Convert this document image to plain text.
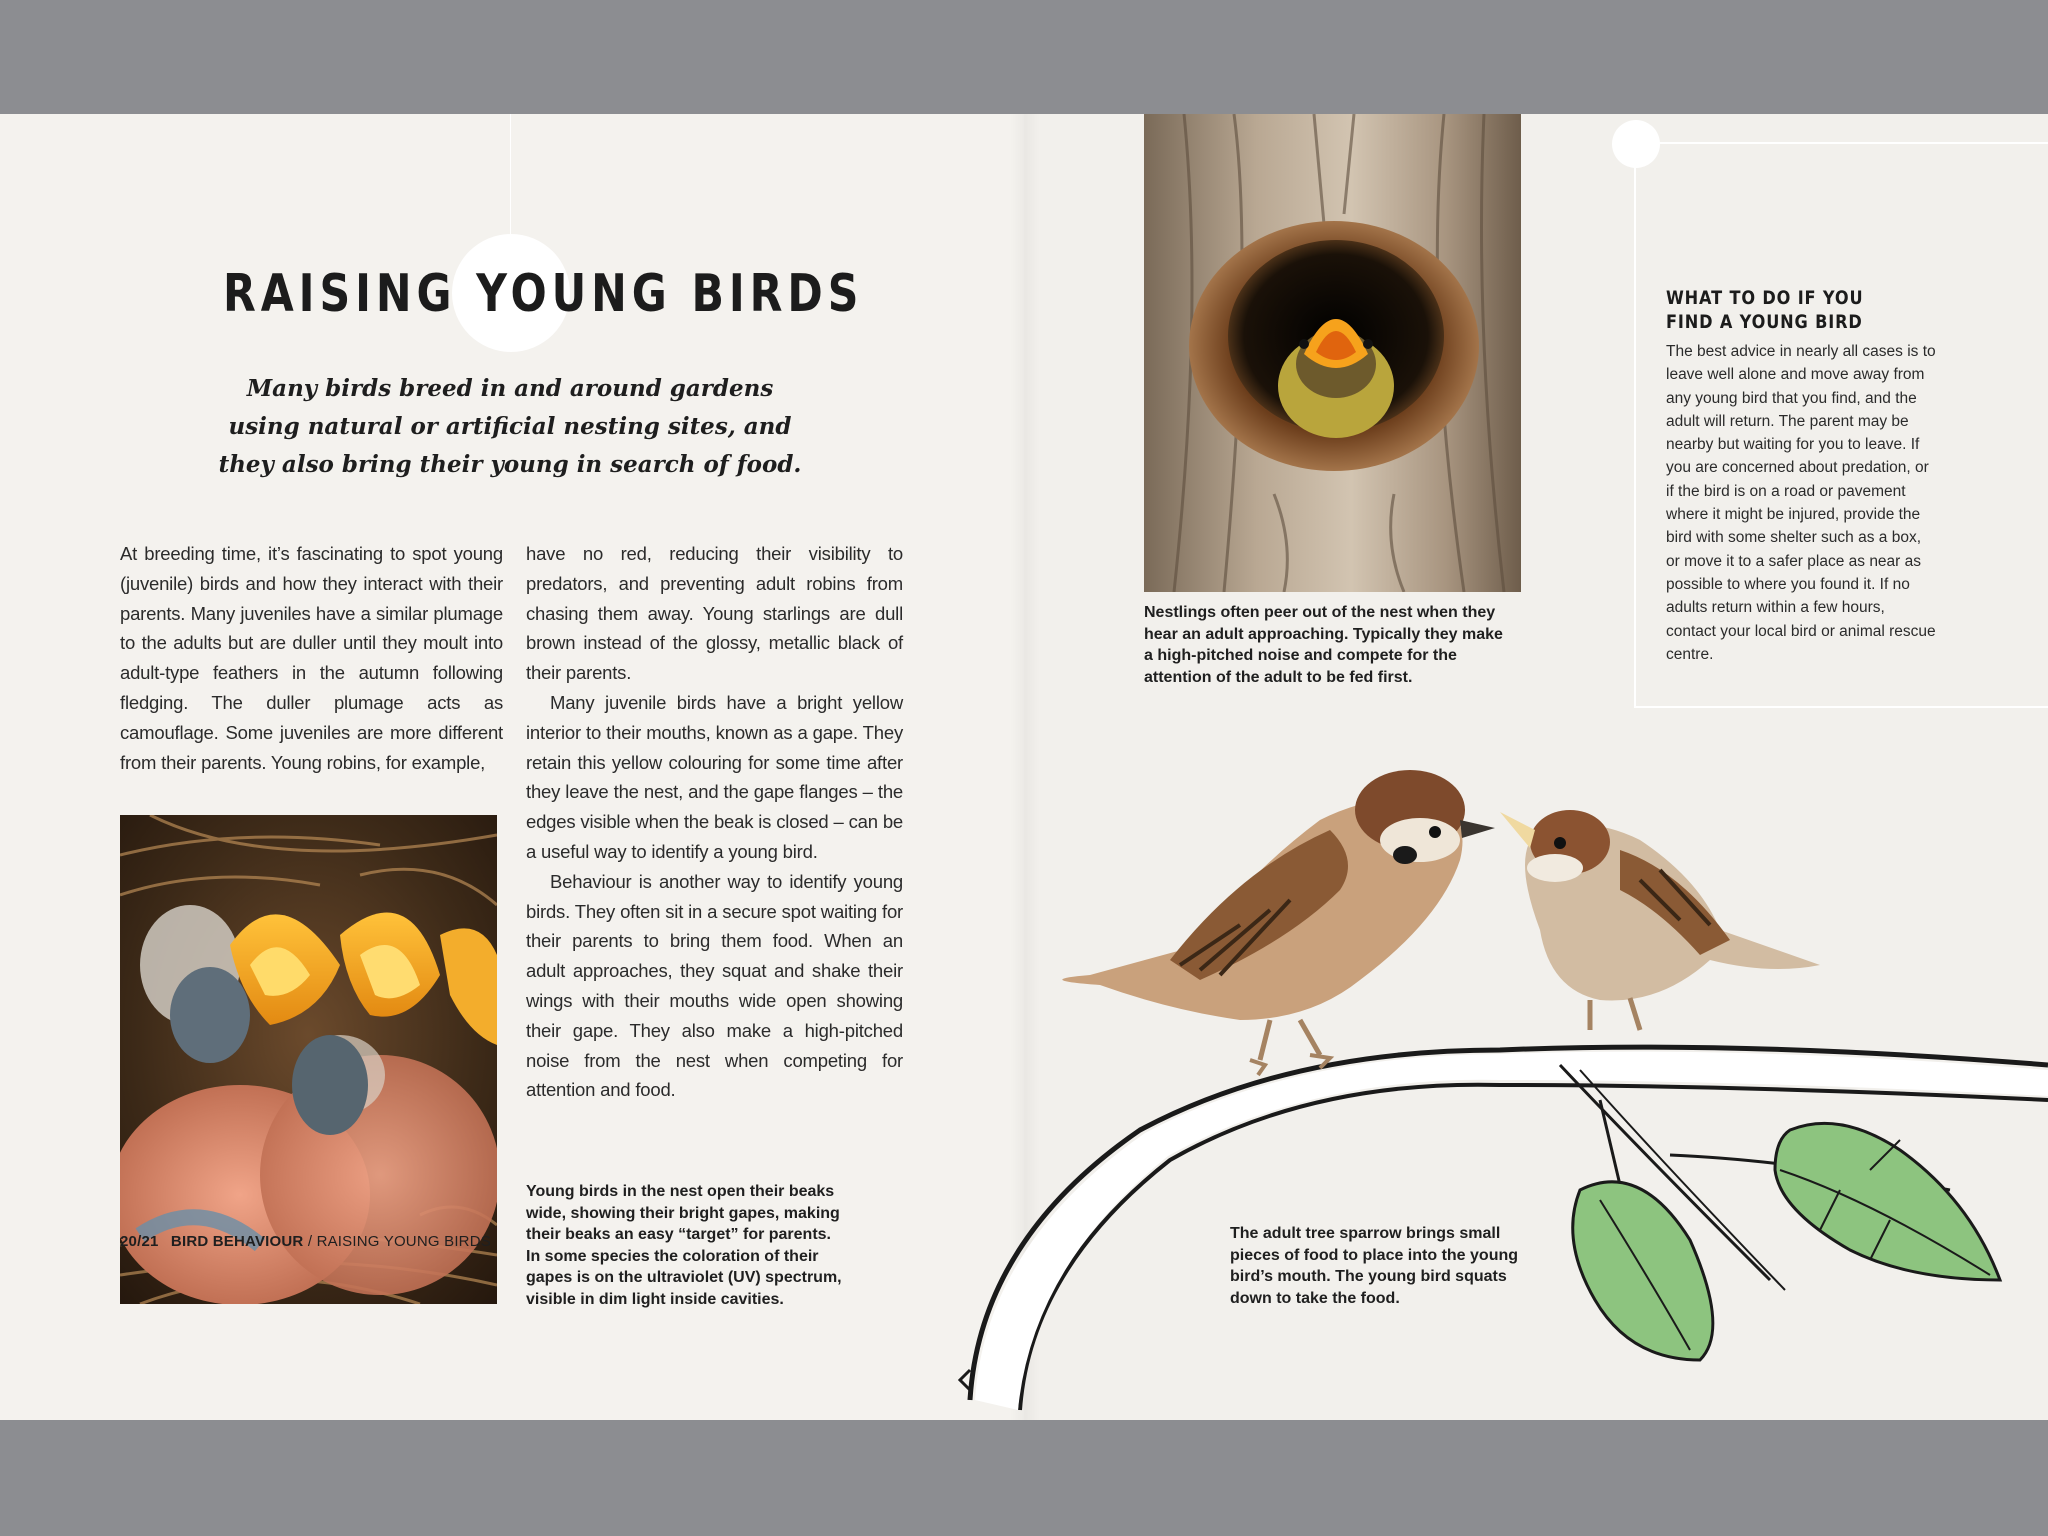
RAISING YOUNG BIRDS
Many birds breed in and around gardens using natural or artificial nesting sites, and they also bring their young in search of food.

At breeding time, it’s fascinating to spot young (juvenile) birds and how they interact with their parents. Many juveniles have a similar plumage to the adults but are duller until they moult into adult-type feathers in the autumn following fledging. The duller plumage acts as camouflage. Some juveniles are more different from their parents. Young robins, for example,

have no red, reducing their visibility to predators, and preventing adult robins from chasing them away. Young starlings are dull brown instead of the glossy, metallic black of their parents.

Many juvenile birds have a bright yellow interior to their mouths, known as a gape. They retain this yellow colouring for some time after they leave the nest, and the gape flanges – the edges visible when the beak is closed – can be a useful way to identify a young bird.

Behaviour is another way to identify young birds. They often sit in a secure spot waiting for their parents to bring them food. When an adult approaches, they squat and shake their wings with their mouths wide open showing their gape. They also make a high-pitched noise from the nest when competing for attention and food.

Young birds in the nest open their beaks wide, showing their bright gapes, making their beaks an easy “target” for parents. In some species the coloration of their gapes is on the ultraviolet (UV) spectrum, visible in dim light inside cavities.
20/21 BIRD BEHAVIOUR / RAISING YOUNG BIRDS
Nestlings often peer out of the nest when they hear an adult approaching. Typically they make a high-pitched noise and compete for the attention of the adult to be fed first.
WHAT TO DO IF YOU
FIND A YOUNG BIRD
The best advice in nearly all cases is to leave well alone and move away from any young bird that you find, and the adult will return. The parent may be nearby but waiting for you to leave. If you are concerned about predation, or if the bird is on a road or pavement where it might be injured, provide the bird with some shelter such as a box, or move it to a safer place as near as possible to where you found it. If no adults return within a few hours, contact your local bird or animal rescue centre.
The adult tree sparrow brings small pieces of food to place into the young bird’s mouth. The young bird squats down to take the food.
